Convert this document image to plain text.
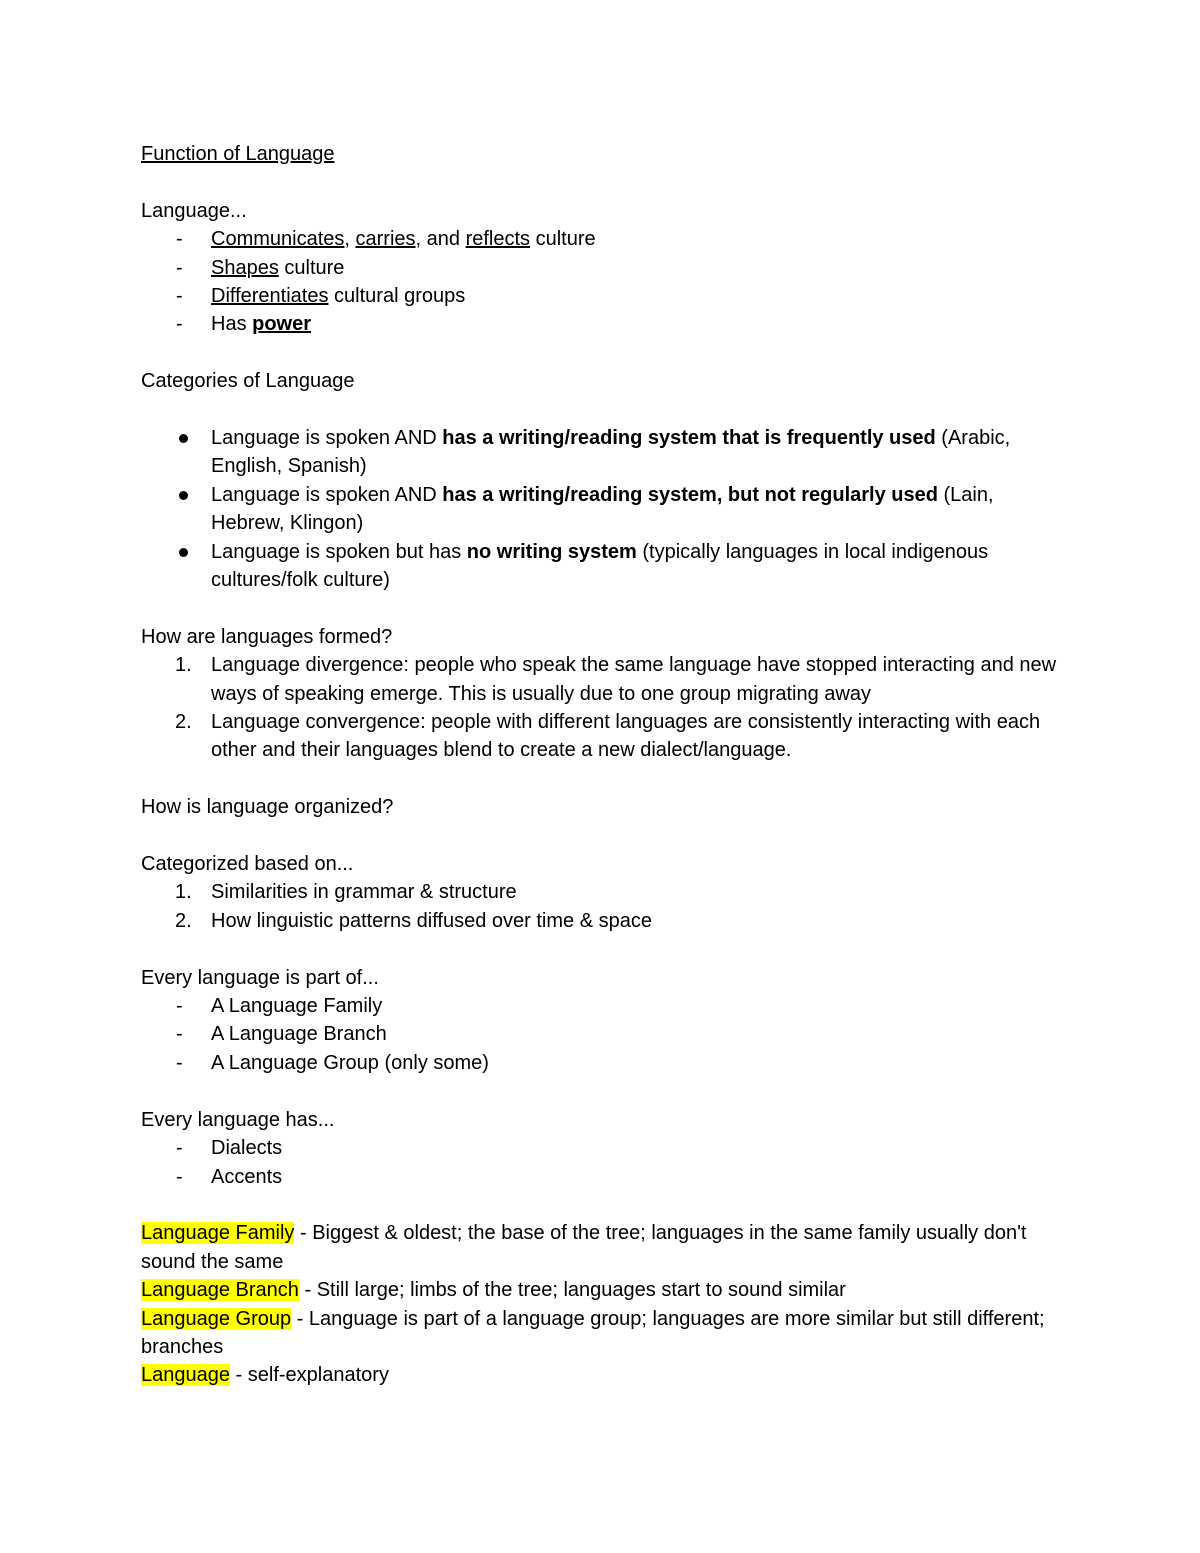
Function of Language
Language...
-	Communicates, carries, and reflects culture
-	Shapes culture
-	Differentiates cultural groups
-	Has power
Categories of Language
Language is spoken AND has a writing/reading system that is frequently used (Arabic, English, Spanish)
Language is spoken AND has a writing/reading system, but not regularly used (Lain, Hebrew, Klingon)
Language is spoken but has no writing system (typically languages in local indigenous cultures/folk culture)
How are languages formed?
1. Language divergence: people who speak the same language have stopped interacting and new ways of speaking emerge. This is usually due to one group migrating away
2. Language convergence: people with different languages are consistently interacting with each other and their languages blend to create a new dialect/language.
How is language organized?
Categorized based on...
1. Similarities in grammar & structure
2. How linguistic patterns diffused over time & space
Every language is part of...
-	A Language Family
-	A Language Branch
-	A Language Group (only some)
Every language has...
-	Dialects
-	Accents
Language Family - Biggest & oldest; the base of the tree; languages in the same family usually don't sound the same
Language Branch - Still large; limbs of the tree; languages start to sound similar
Language Group - Language is part of a language group; languages are more similar but still different; branches
Language - self-explanatory
